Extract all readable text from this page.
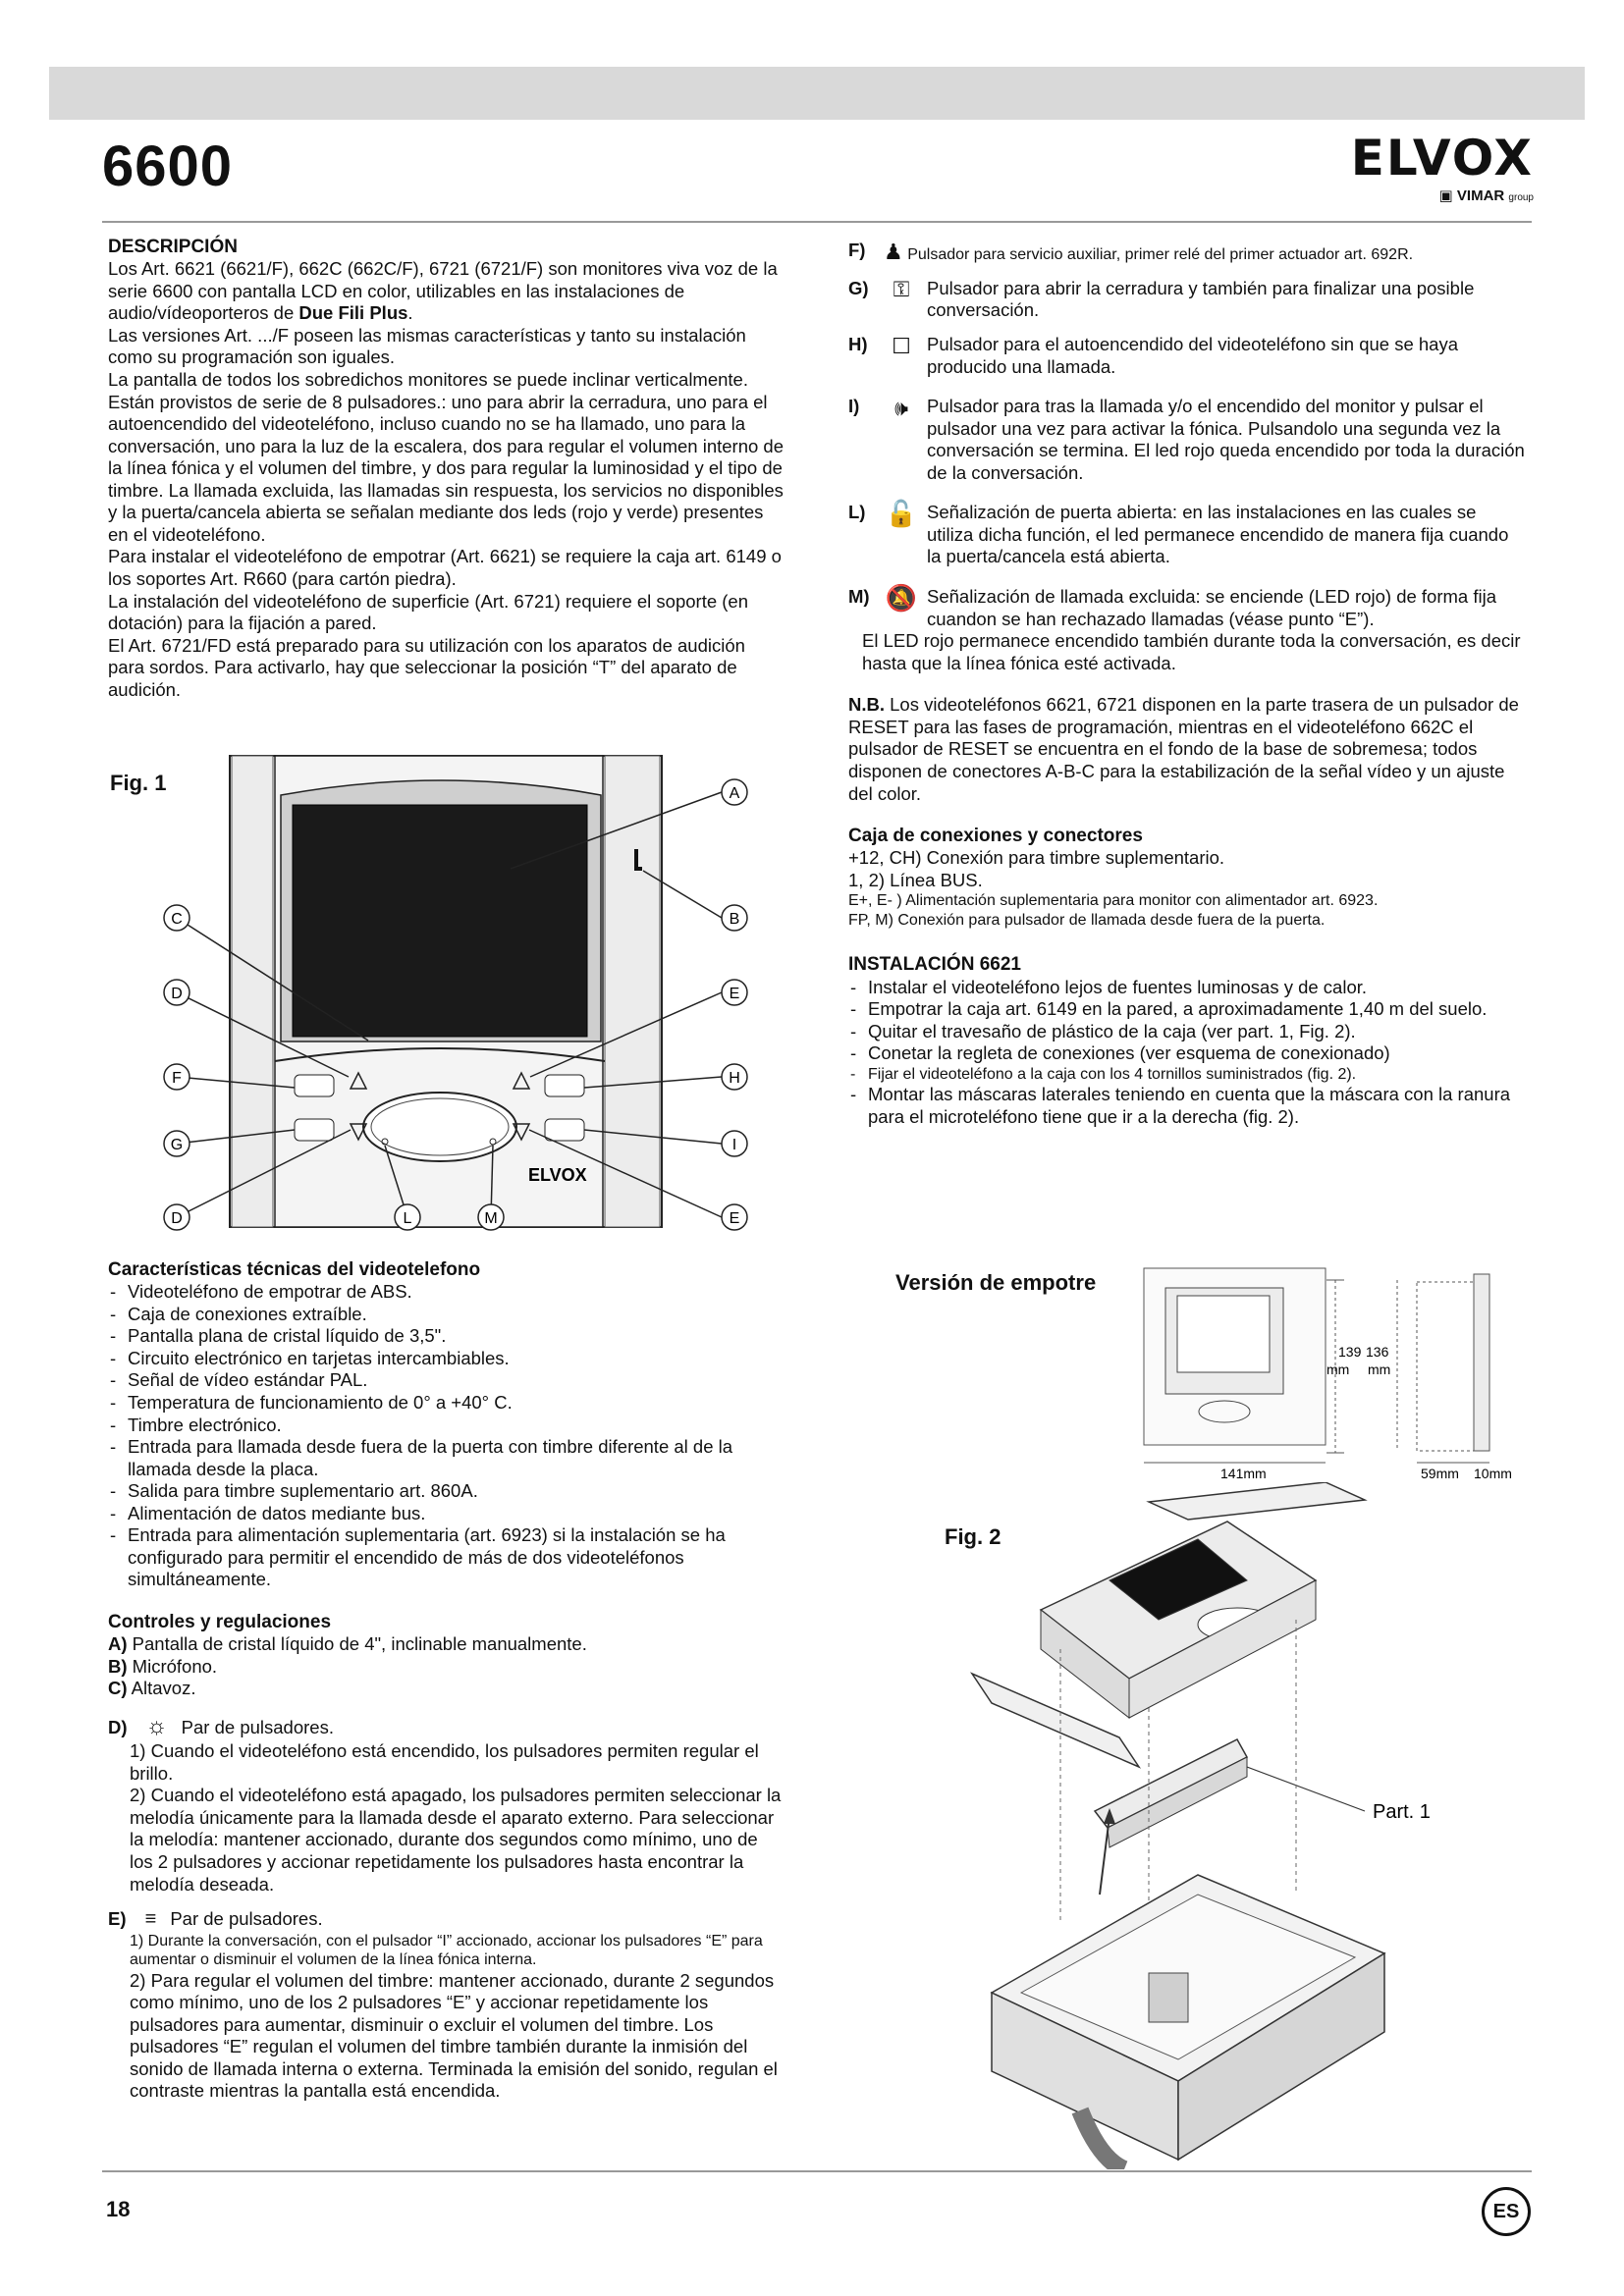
6600	ELVOX
▣ VIMAR group
DESCRIPCIÓN

Los Art. 6621 (6621/F), 662C (662C/F), 6721 (6721/F) son monitores viva voz de la serie 6600 con pantalla LCD en color, utilizables en las instalaciones de audio/vídeoporteros de Due Fili Plus.

Las versiones Art. .../F poseen las mismas características y tanto su instalación como su programación son iguales.

La pantalla de todos los sobredichos monitores se puede inclinar verticalmente. Están provistos de serie de 8 pulsadores.: uno para abrir la cerradura, uno para el autoencendido del videoteléfono, incluso cuando no se ha llamado, uno para la conversación, uno para la luz de la escalera, dos para regular el volumen interno de la línea fónica y el volumen del timbre, y dos para regular la luminosidad y el tipo de timbre. La llamada excluida, las llamadas sin respuesta, los servicios no disponibles y la puerta/cancela abierta se señalan mediante dos leds (rojo y verde) presentes en el videoteléfono.

Para instalar el videoteléfono de empotrar (Art. 6621) se requiere la caja art. 6149 o los soportes Art. R660 (para cartón piedra).

La instalación del videoteléfono de superficie (Art. 6721) requiere el soporte (en dotación) para la fijación a pared.

El Art. 6721/FD está preparado para su utilización con los aparatos de audición para sordos. Para activarlo, hay que seleccionar la posición “T” del aparato de audición.

Fig. 1
ELVOX
A
B
C
D	E
F
G
H
I
D	L	M	E
Características técnicas del videotelefono
- Videoteléfono de empotrar de ABS.
- Caja de conexiones extraíble.
- Pantalla plana de cristal líquido de 3,5".
- Circuito electrónico en tarjetas intercambiables.
- Señal de vídeo estándar PAL.
- Temperatura de funcionamiento de 0° a +40° C.
- Timbre electrónico.
- Entrada para llamada desde fuera de la puerta con timbre diferente al de la llamada desde la placa.
- Salida para timbre suplementario art. 860A.
- Alimentación de datos mediante bus.
- Entrada para alimentación suplementaria (art. 6923) si la instalación se ha configurado para permitir el encendido de más de dos videoteléfonos simultáneamente.
Controles y regulaciones

A) Pantalla de cristal líquido de 4", inclinable manualmente.

B) Micrófono.

C) Altavoz.

D) ☼ Par de pulsadores.

1) Cuando el videoteléfono está encendido, los pulsadores permiten regular el brillo.

2) Cuando el videoteléfono está apagado, los pulsadores permiten seleccionar la melodía únicamente para la llamada desde el aparato externo. Para seleccionar la melodía: mantener accionado, durante dos segundos como mínimo, uno de los 2 pulsadores y accionar repetidamente los pulsadores hasta encontrar la melodía deseada.

E) ≡ Par de pulsadores.

1) Durante la conversación, con el pulsador “I” accionado, accionar los pulsadores “E” para aumentar o disminuir el volumen de la línea fónica interna.

2) Para regular el volumen del timbre: mantener accionado, durante 2 segundos como mínimo, uno de los 2 pulsadores “E” y accionar repetidamente los pulsadores para aumentar, disminuir o excluir el volumen del timbre. Los pulsadores “E” regulan el volumen del timbre también durante la inmisión del sonido de llamada interna o externa. Terminada la emisión del sonido, regulan el contraste mientras la pantalla está encendida.

F) ♟ Pulsador para servicio auxiliar, primer relé del primer actuador art. 692R.
G)	⚿ Pulsador para abrir la cerradura y también para finalizar una posible conversación.
H)	☐ Pulsador para el autoencendido del videoteléfono sin que se haya producido una llamada.
I)	🕪	Pulsador para tras la llamada y/o el encendido del monitor y pulsar el pulsador una vez para activar la fónica. Pulsandolo una segunda vez la conversación se termina. El led rojo queda encendido por toda la duración de la conversación.
L) 🔓 Señalización de puerta abierta: en las instalaciones en las cuales se utiliza dicha función, el led permanece encendido de manera fija cuando la puerta/cancela está abierta.
M) 🔕 Señalización de llamada excluida: se enciende (LED rojo) de forma fija cuandon se han rechazado llamadas (véase punto “E”).

El LED rojo permanece encendido también durante toda la conversación, es decir hasta que la línea fónica esté activada.

N.B. Los videoteléfonos 6621, 6721 disponen en la parte trasera de un pulsador de RESET para las fases de programación, mientras en el videoteléfono 662C el pulsador de RESET se encuentra en el fondo de la base de sobremesa; todos disponen de conectores A-B-C para la estabilización de la señal vídeo y un ajuste del color.

Caja de conexiones y conectores

+12, CH) Conexión para timbre suplementario.

1, 2) Línea BUS.

E+, E- ) Alimentación suplementaria para monitor con alimentador art. 6923.

FP, M) Conexión para pulsador de llamada desde fuera de la puerta.

INSTALACIÓN 6621
- Instalar el videoteléfono lejos de fuentes luminosas y de calor.
- Empotrar la caja art. 6149 en la pared, a aproximadamente 1,40 m del suelo.
- Quitar el travesaño de plástico de la caja (ver part. 1, Fig. 2).
- Conetar la regleta de conexiones (ver esquema de conexionado)
- Fijar el videoteléfono a la caja con los 4 tornillos suministrados (fig. 2).
- Montar las máscaras laterales teniendo en cuenta que la máscara con la ranura para el microteléfono tiene que ir a la derecha (fig. 2).
Versión de empotre
139
mm
136
mm
141mm	59mm 10mm
Fig. 2
Part. 1
18	ES
